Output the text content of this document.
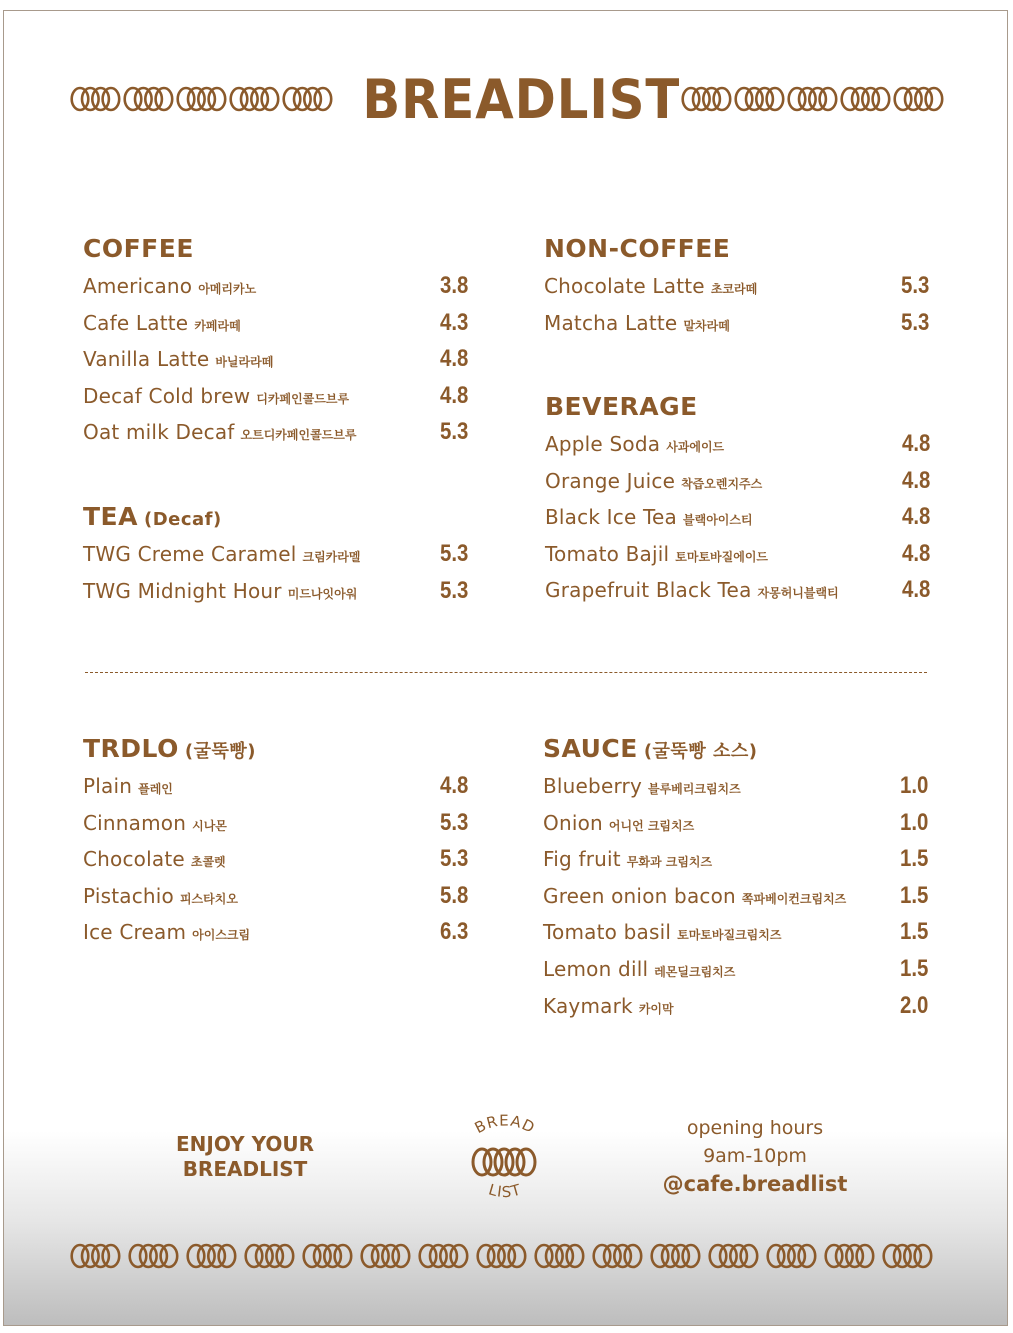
BREADLIST
COFFEE
Americano 아메리카노	3.8
Cafe Latte 카페라떼	4.3
Vanilla Latte 바닐라라떼	4.8
Decaf Cold brew 디카페인콜드브루	4.8
Oat milk Decaf 오트디카페인콜드브루	5.3
TEA (Decaf)
TWG Creme Caramel 크림카라멜	5.3
TWG Midnight Hour 미드나잇아워	5.3
NON-COFFEE
Chocolate Latte 초코라떼	5.3
Matcha Latte 말차라떼	5.3
BEVERAGE
Apple Soda 사과에이드	4.8
Orange Juice 착즙오렌지주스	4.8
Black Ice Tea 블랙아이스티	4.8
Tomato Bajil 토마토바질에이드	4.8
Grapefruit Black Tea 자몽허니블랙티	4.8
TRDLO (굴뚝빵)
Plain 플레인	4.8
Cinnamon 시나몬	5.3
Chocolate 초콜렛	5.3
Pistachio 피스타치오	5.8
Ice Cream 아이스크림	6.3
SAUCE (굴뚝빵 소스)
Blueberry 블루베리크림치즈	1.0
Onion 어니언 크림치즈	1.0
Fig fruit 무화과 크림치즈	1.5
Green onion bacon 쪽파베이컨크림치즈 1.5
Tomato basil 토마토바질크림치즈	1.5
Lemon dill 레몬딜크림치즈	1.5
Kaymark 카이막	2.0
ENJOY YOUR
BREADLIST
BREAD
LIST
opening hours
9am-10pm
@cafe.breadlist
